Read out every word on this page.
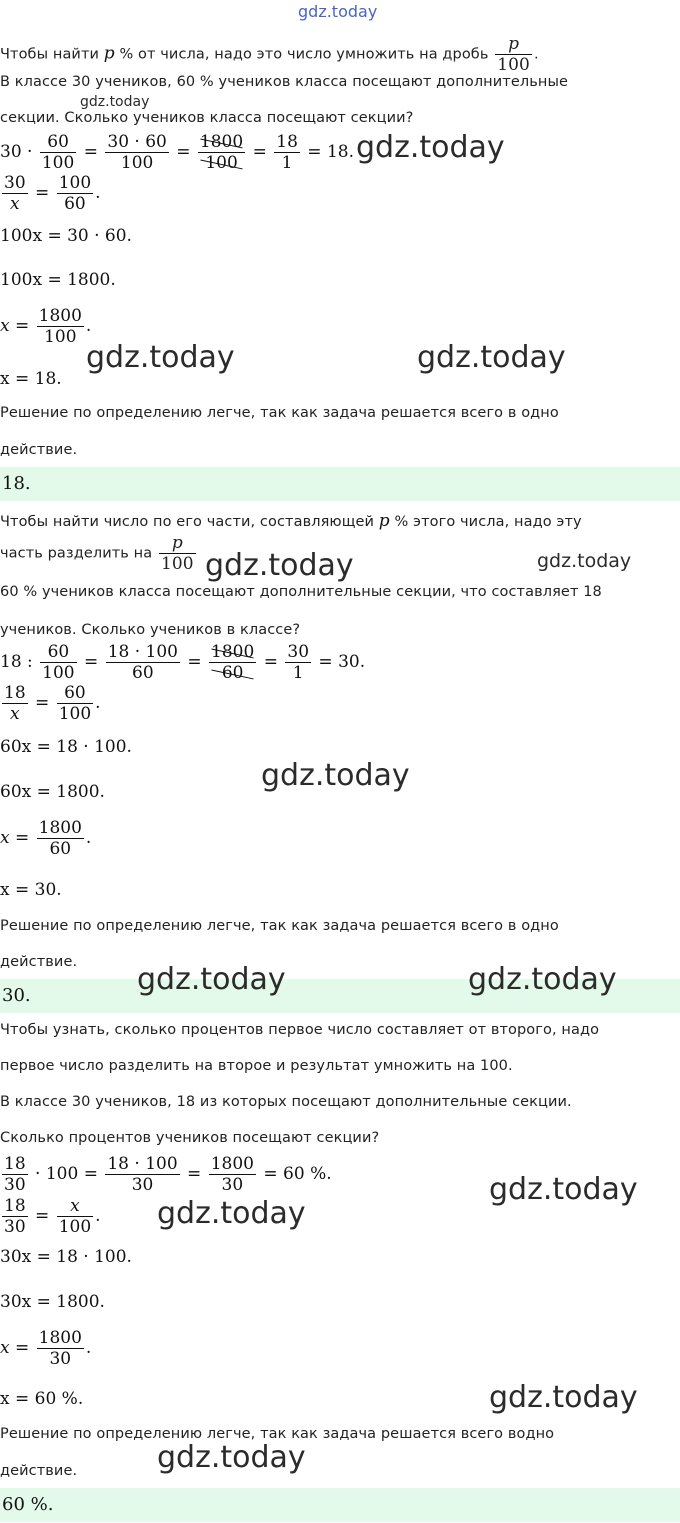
gdz.today
Чтобы найти p % от числа, надо это число умножить на дробь $\frac{p}{100}$ .
В классе 30 учеников, 60 % учеников класса посещают дополнительные
секции. Сколько учеников класса посещают секции?
gdz.today
$30 \cdot \frac{60}{100} = \frac{30 \cdot 60}{100} = \frac{1800}{100} = \frac{18}{1} = 18$. gdz.today
$\frac{30}{x} = \frac{100}{60}$ .
100x = 30 · 60.
100x = 1800.
$x = \frac{1800}{100}$ .
x = 18.
gdz.today	gdz.today
Решение по определению легче, так как задача решается всего в одно
действие.
18.
Чтобы найти число по его части, составляющей p % этого числа, надо эту
часть разделить на $\frac{p}{100}$ gdz.today	gdz.today
60 % учеников класса посещают дополнительные секции, что составляет 18
учеников. Сколько учеников в классе?
18 : $\frac{60}{100} = \frac{18 \cdot 100}{60} = \frac{1800}{60} = \frac{30}{1} = 30$.
$\frac{18}{x} = \frac{60}{100}$ .
60x = 18 · 100.
gdz.today
60x = 1800.
$x = \frac{1800}{60}$ .
x = 30.
Решение по определению легче, так как задача решается всего в одно
действие.
30.	gdz.today	gdz.today
Чтобы узнать, сколько процентов первое число составляет от второго, надо
первое число разделить на второе и результат умножить на 100.
В классе 30 учеников, 18 из которых посещают дополнительные секции.
Сколько процентов учеников посещают секции?
$\frac{18}{30} \cdot 100 = \frac{18 \cdot 100}{30} = \frac{1800}{30} = 60$ %.	gdz.today
$\frac{18}{30} = \frac{x}{100}$ . gdz.today
30x = 18 · 100.
30x = 1800.
$x = \frac{1800}{30}$ .
x = 60 %.	gdz.today
Решение по определению легче, так как задача решается всего водно
действие.	gdz.today
60 %.
